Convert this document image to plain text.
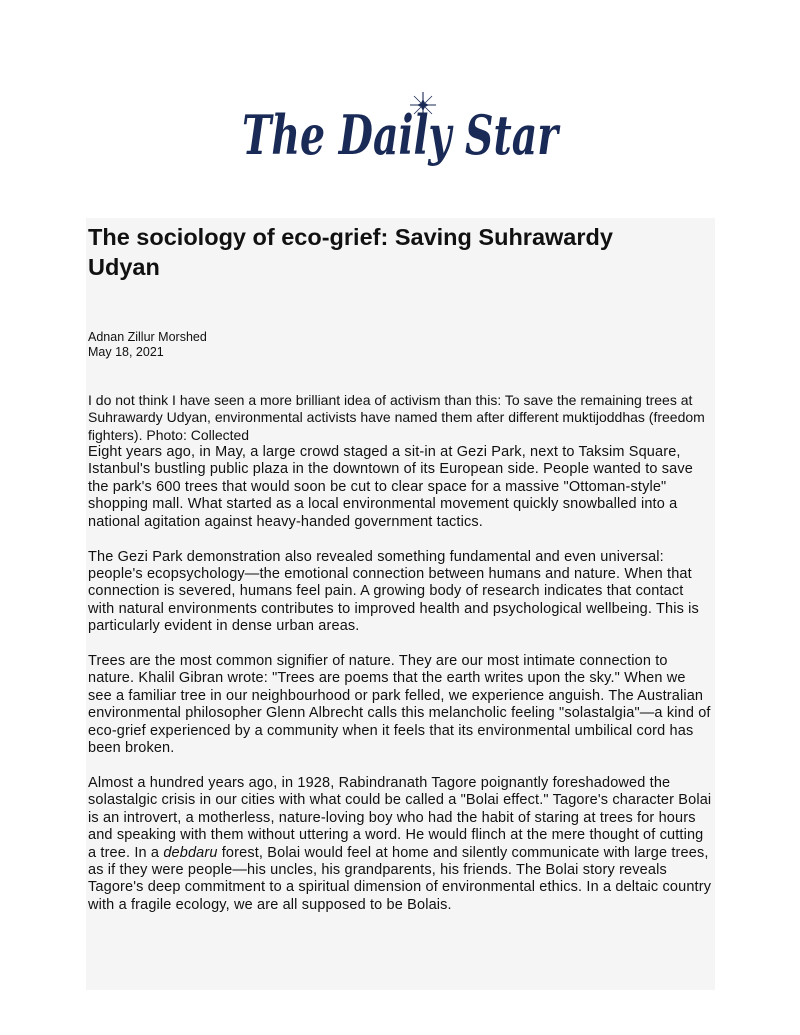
The Daily Star
The sociology of eco-grief: Saving Suhrawardy Udyan
Adnan Zillur Morshed
May 18, 2021
I do not think I have seen a more brilliant idea of activism than this: To save the remaining trees at Suhrawardy Udyan, environmental activists have named them after different muktijoddhas (freedom fighters). Photo: Collected

Eight years ago, in May, a large crowd staged a sit-in at Gezi Park, next to Taksim Square, Istanbul's bustling public plaza in the downtown of its European side. People wanted to save the park's 600 trees that would soon be cut to clear space for a massive "Ottoman-style" shopping mall. What started as a local environmental movement quickly snowballed into a national agitation against heavy-handed government tactics.

The Gezi Park demonstration also revealed something fundamental and even universal: people's ecopsychology—the emotional connection between humans and nature. When that connection is severed, humans feel pain. A growing body of research indicates that contact with natural environments contributes to improved health and psychological wellbeing. This is particularly evident in dense urban areas.

Trees are the most common signifier of nature. They are our most intimate connection to nature. Khalil Gibran wrote: "Trees are poems that the earth writes upon the sky." When we see a familiar tree in our neighbourhood or park felled, we experience anguish. The Australian environmental philosopher Glenn Albrecht calls this melancholic feeling "solastalgia"—a kind of eco-grief experienced by a community when it feels that its environmental umbilical cord has been broken.

Almost a hundred years ago, in 1928, Rabindranath Tagore poignantly foreshadowed the solastalgic crisis in our cities with what could be called a "Bolai effect." Tagore's character Bolai is an introvert, a motherless, nature-loving boy who had the habit of staring at trees for hours and speaking with them without uttering a word. He would flinch at the mere thought of cutting a tree. In a debdaru forest, Bolai would feel at home and silently communicate with large trees, as if they were people—his uncles, his grandparents, his friends. The Bolai story reveals Tagore's deep commitment to a spiritual dimension of environmental ethics. In a deltaic country with a fragile ecology, we are all supposed to be Bolais.
